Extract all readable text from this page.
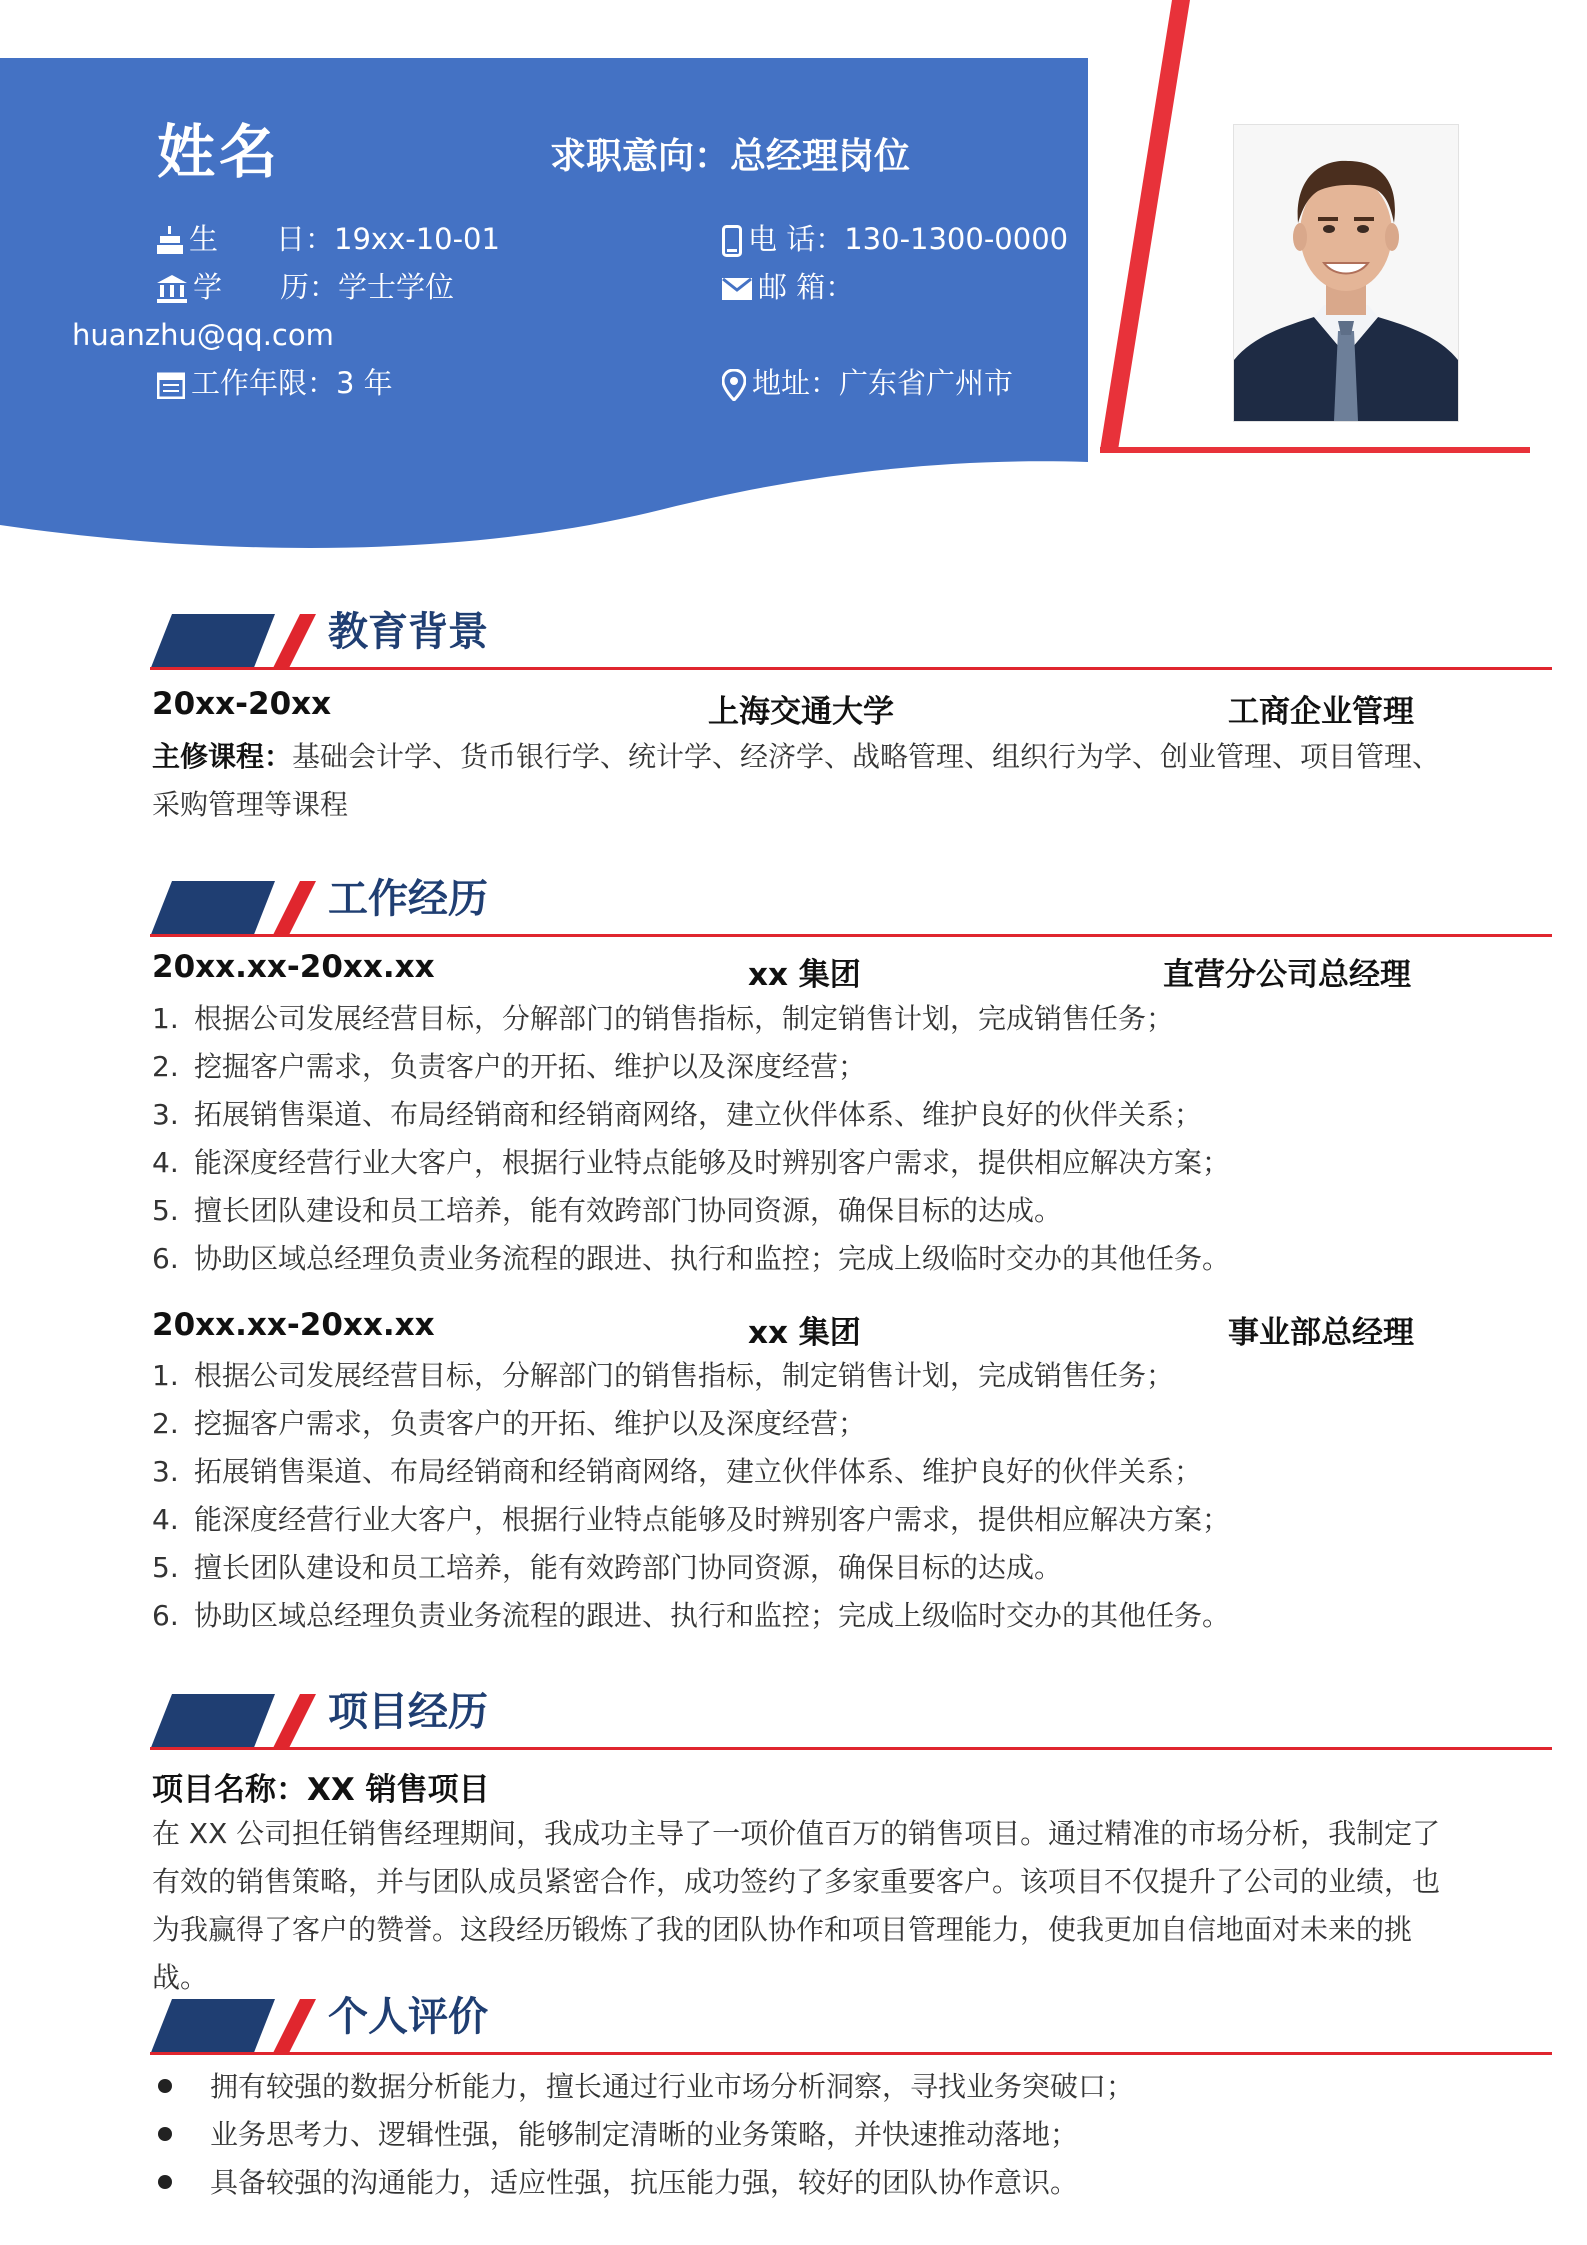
姓名	求职意向：总经理岗位
生　　日：19xx-10-01
学　　历：学士学位
huanzhu@qq.com
工作年限：3 年
电 话：130-1300-0000
邮 箱：
地址：广东省广州市
教育背景
20xx-20xx	上海交通大学	工商企业管理
主修课程：基础会计学、货币银行学、统计学、经济学、战略管理、组织行为学、创业管理、项目管理、
采购管理等课程
工作经历
20xx.xx-20xx.xx	xx 集团	直营分公司总经理
1. 根据公司发展经营目标，分解部门的销售指标，制定销售计划，完成销售任务；
2. 挖掘客户需求，负责客户的开拓、维护以及深度经营；
3. 拓展销售渠道、布局经销商和经销商网络，建立伙伴体系、维护良好的伙伴关系；
4. 能深度经营行业大客户，根据行业特点能够及时辨别客户需求，提供相应解决方案；
5. 擅长团队建设和员工培养，能有效跨部门协同资源，确保目标的达成。
6. 协助区域总经理负责业务流程的跟进、执行和监控；完成上级临时交办的其他任务。
20xx.xx-20xx.xx	xx 集团	事业部总经理
1. 根据公司发展经营目标，分解部门的销售指标，制定销售计划，完成销售任务；
2. 挖掘客户需求，负责客户的开拓、维护以及深度经营；
3. 拓展销售渠道、布局经销商和经销商网络，建立伙伴体系、维护良好的伙伴关系；
4. 能深度经营行业大客户，根据行业特点能够及时辨别客户需求，提供相应解决方案；
5. 擅长团队建设和员工培养，能有效跨部门协同资源，确保目标的达成。
6. 协助区域总经理负责业务流程的跟进、执行和监控；完成上级临时交办的其他任务。
项目经历
项目名称：XX 销售项目
在 XX 公司担任销售经理期间，我成功主导了一项价值百万的销售项目。通过精准的市场分析，我制定了
有效的销售策略，并与团队成员紧密合作，成功签约了多家重要客户。该项目不仅提升了公司的业绩，也
为我赢得了客户的赞誉。这段经历锻炼了我的团队协作和项目管理能力，使我更加自信地面对未来的挑战。
个人评价
拥有较强的数据分析能力，擅长通过行业市场分析洞察，寻找业务突破口；
业务思考力、逻辑性强，能够制定清晰的业务策略，并快速推动落地；
具备较强的沟通能力，适应性强，抗压能力强，较好的团队协作意识。
